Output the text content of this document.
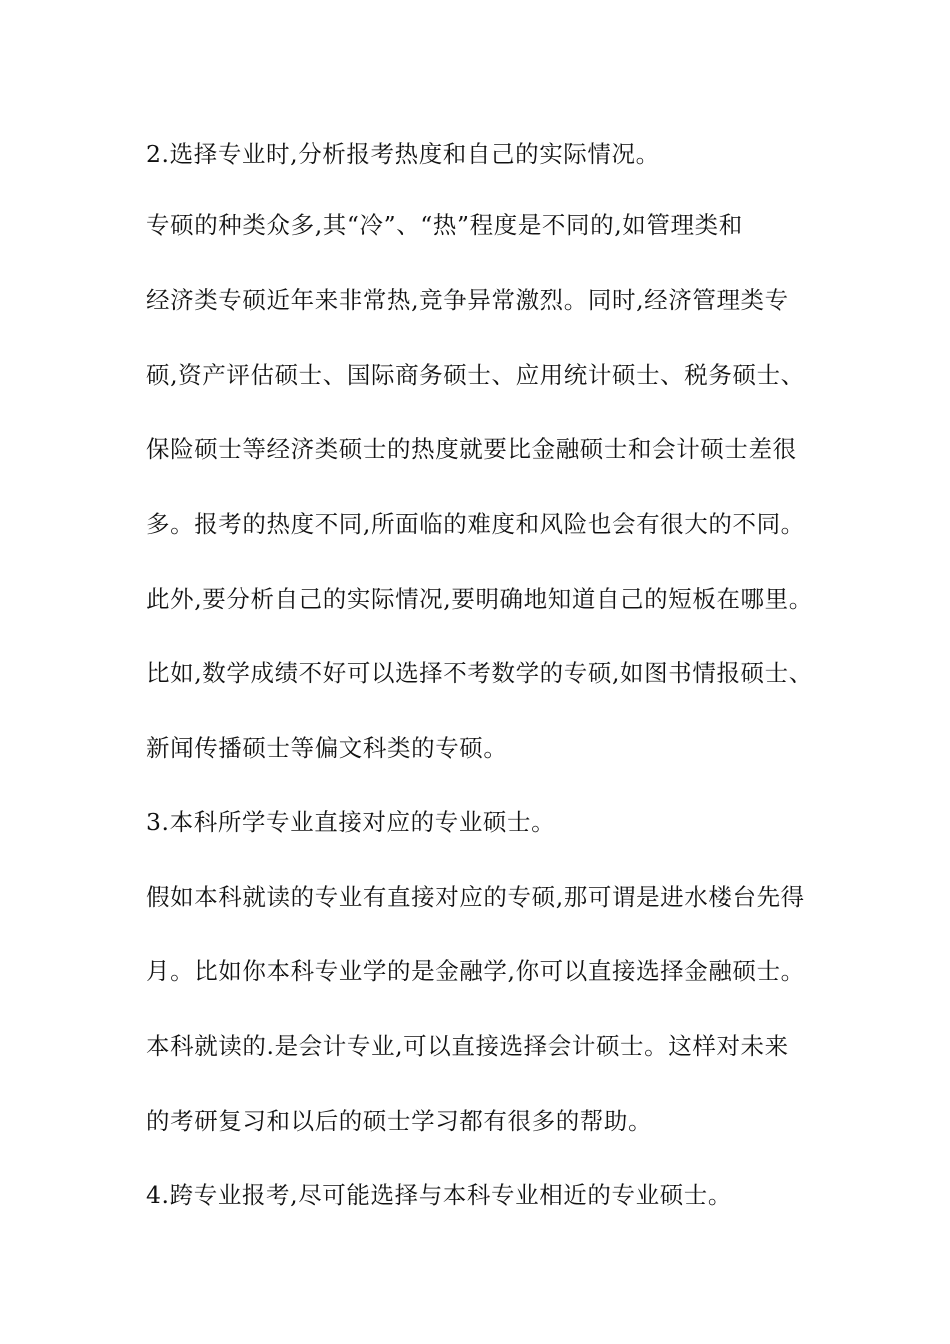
2.选择专业时,分析报考热度和自己的实际情况。
专硕的种类众多,其“冷”、“热”程度是不同的,如管理类和
经济类专硕近年来非常热,竞争异常激烈。同时,经济管理类专
硕,资产评估硕士、国际商务硕士、应用统计硕士、税务硕士、
保险硕士等经济类硕士的热度就要比金融硕士和会计硕士差很
多。报考的热度不同,所面临的难度和风险也会有很大的不同。
此外,要分析自己的实际情况,要明确地知道自己的短板在哪里。
比如,数学成绩不好可以选择不考数学的专硕,如图书情报硕士、
新闻传播硕士等偏文科类的专硕。
3.本科所学专业直接对应的专业硕士。
假如本科就读的专业有直接对应的专硕,那可谓是进水楼台先得
月。比如你本科专业学的是金融学,你可以直接选择金融硕士。
本科就读的.是会计专业,可以直接选择会计硕士。这样对未来
的考研复习和以后的硕士学习都有很多的帮助。
4.跨专业报考,尽可能选择与本科专业相近的专业硕士。
